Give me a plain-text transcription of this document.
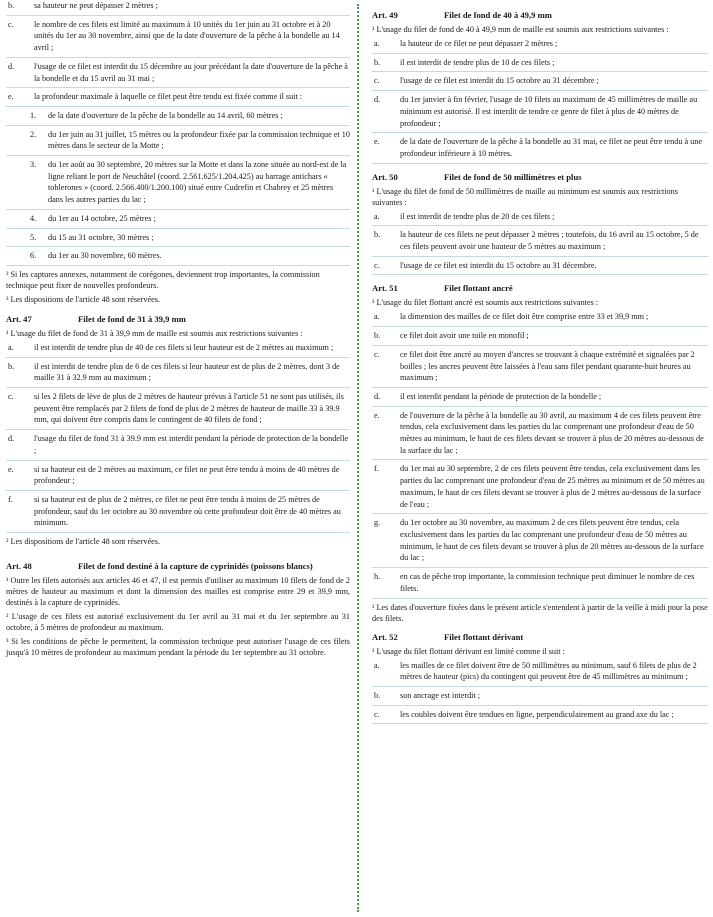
b.	sa hauteur ne peut dépasser 2 mètres ;
c.	le nombre de ces filets est limité au maximum à 10 unités du 1er juin au 31 octobre et à 20 unités du 1er au 30 novembre, ainsi que de la date d'ouverture de la pêche à la bondelle au 14 avril ;
d.	l'usage de ce filet est interdit du 15 décembre au jour précédant la date d'ouverture de la pêche à la bondelle et du 15 avril au 31 mai ;
e.	la profondeur maximale à laquelle ce filet peut être tendu est fixée comme il suit :
1.	de la date d'ouverture de la pêche de la bondelle au 14 avril, 60 mètres ;
2.	du 1er juin au 31 juillet, 15 mètres ou la profondeur fixée par la commission technique et 10 mètres dans le secteur de la Motte ;
3.	du 1er août au 30 septembre, 20 mètres sur la Motte et dans la zone située au nord-est de la ligne reliant le port de Neuchâtel (coord. 2.561.625/1.204.425) au barrage antichars « toblerones » (coord. 2.566.400/1.200.100) situé entre Cudrefin et Chabrey et 25 mètres dans les autres parties du lac ;
4.	du 1er au 14 octobre, 25 mètres ;
5.	du 15 au 31 octobre, 30 mètres ;
6.	du 1er au 30 novembre, 60 mètres.

² Si les captures annexes, notamment de corégones, deviennent trop importantes, la commission technique peut fixer de nouvelles profondeurs.

³ Les dispositions de l'article 48 sont réservées.

Art. 47	Filet de fond de 31 à 39,9 mm

¹ L'usage du filet de fond de 31 à 39,9 mm de maille est soumis aux restrictions suivantes :

a.	il est interdit de tendre plus de 40 de ces filets si leur hauteur est de 2 mètres au maximum ;
b.	il est interdit de tendre plus de 6 de ces filets si leur hauteur est de plus de 2 mètres, dont 3 de maille 31 à 32.9 mm au maximum ;
c.	si les 2 filets de lève de plus de 2 mètres de hauteur prévus à l'article 51 ne sont pas utilisés, ils peuvent être remplacés par 2 filets de fond de plus de 2 mètres de hauteur de maille 33 à 39.9 mm, qui doivent être compris dans le contingent de 40 filets de fond ;
d.	l'usage du filet de fond 31 à 39.9 mm est interdit pendant la période de protection de la bondelle ;
e.	si sa hauteur est de 2 mètres au maximum, ce filet ne peut être tendu à moins de 40 mètres de profondeur ;
f.	si sa hauteur est de plus de 2 mètres, ce filet ne peut être tendu à moins de 25 mètres de profondeur, sauf du 1er octobre au 30 novembre où cette profondeur doit être de 40 mètres au minimum.

² Les dispositions de l'article 48 sont réservées.

Art. 48	Filet de fond destiné à la capture de cyprinidés (poissons blancs)

¹ Outre les filets autorisés aux articles 46 et 47, il est permis d'utiliser au maximum 10 filets de fond de 2 mètres de hauteur au maximum et dont la dimension des mailles est comprise entre 29 et 39,9 mm, destinés à la capture de cyprinidés.

² L'usage de ces filets est autorisé exclusivement du 1er avril au 31 mai et du 1er septembre au 31 octobre, à 5 mètres de profondeur au maximum.

³ Si les conditions de pêche le permettent, la commission technique peut autoriser l'usage de ces filets jusqu'à 10 mètres de profondeur au maximum pendant la période du 1er septembre au 31 octobre.

Art. 49	Filet de fond de 40 à 49,9 mm

¹ L'usage du filet de fond de 40 à 49,9 mm de maille est soumis aux restrictions suivantes :

a.	la hauteur de ce filet ne peut dépasser 2 mètres ;
b.	il est interdit de tendre plus de 10 de ces filets ;
c.	l'usage de ce filet est interdit du 15 octobre au 31 décembre ;
d.	du 1er janvier à fin février, l'usage de 10 filets au maximum de 45 millimètres de maille au minimum est autorisé. Il est interdit de tendre ce genre de filet à plus de 40 mètres de profondeur ;
e.	de la date de l'ouverture de la pêche à la bondelle au 31 mai, ce filet ne peut être tendu à une profondeur inférieure à 10 mètres.
Art. 50	Filet de fond de 50 millimètres et plus

¹ L'usage du filet de fond de 50 millimètres de maille au minimum est soumis aux restrictions suivantes :

a.	il est interdit de tendre plus de 20 de ces filets ;
b.	la hauteur de ces filets ne peut dépasser 2 mètres ; toutefois, du 16 avril au 15 octobre, 5 de ces filets peuvent avoir une hauteur de 5 mètres au maximum ;
c.	l'usage de ce filet est interdit du 15 octobre au 31 décembre.
Art. 51	Filet flottant ancré

¹ L'usage du filet flottant ancré est soumis aux restrictions suivantes :

a.	la dimension des mailles de ce filet doit être comprise entre 33 et 39,9 mm ;
b.	ce filet doit avoir une toile en monofil ;
c.	ce filet doit être ancré au moyen d'ancres se trouvant à chaque extrémité et signalées par 2 boilles ; les ancres peuvent être laissées à l'eau sans filet pendant quarante-huit heures au maximum ;
d.	il est interdit pendant la période de protection de la bondelle ;
e.	de l'ouverture de la pêche à la bondelle au 30 avril, au maximum 4 de ces filets peuvent être tendus, cela exclusivement dans les parties du lac comprenant une profondeur d'eau de 50 mètres au minimum, le haut de ces filets devant se trouver à plus de 20 mètres au-dessous de la surface du lac ;
f.	du 1er mai au 30 septembre, 2 de ces filets peuvent être tendus, cela exclusivement dans les parties du lac comprenant une profondeur d'eau de 25 mètres au minimum et de 50 mètres au maximum, le haut de ces filets devant se trouver à plus de 2 mètres au-dessous de la surface de l'eau ;
g.	du 1er octobre au 30 novembre, au maximum 2 de ces filets peuvent être tendus, cela exclusivement dans les parties du lac comprenant une profondeur d'eau de 50 mètres au minimum, le haut de ces filets devant se trouver à plus de 20 mètres au-dessous de la surface du lac ;
h.	en cas de pêche trop importante, la commission technique peut diminuer le nombre de ces filets.

² Les dates d'ouverture fixées dans le présent article s'entendent à partir de la veille à midi pour la pose des filets.

Art. 52	Filet flottant dérivant

¹ L'usage du filet flottant dérivant est limité comme il suit :

a.	les mailles de ce filet doivent être de 50 millimètres au minimum, sauf 6 filets de plus de 2 mètres de hauteur (pics) du contingent qui peuvent être de 45 millimètres au minimum ;
b.	son ancrage est interdit ;
c.	les coubles doivent être tendues en ligne, perpendiculairement au grand axe du lac ;
